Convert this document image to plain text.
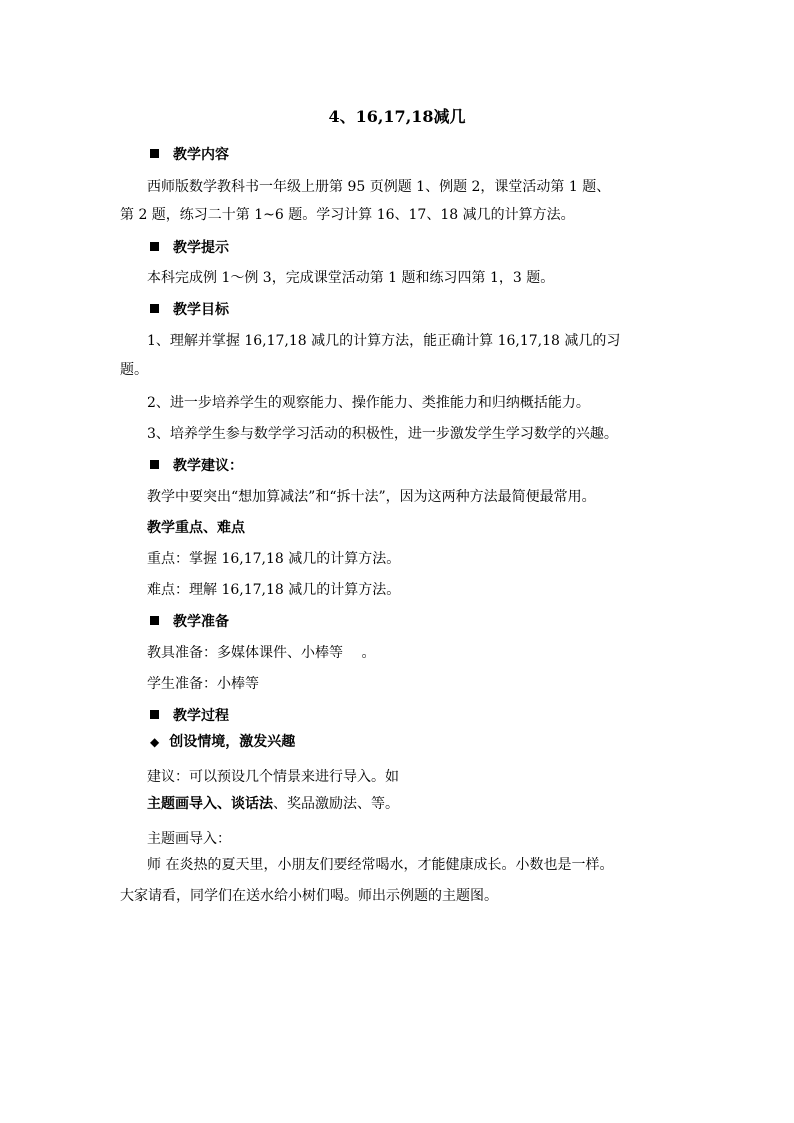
4、16,17,18减几
教学内容
西师版数学教科书一年级上册第 95 页例题 1、例题 2，课堂活动第 1 题、
第 2 题，练习二十第 1~6 题。学习计算 16、17、18 减几的计算方法。
教学提示
本科完成例 1～例 3，完成课堂活动第 1 题和练习四第 1，3 题。
教学目标
1、理解并掌握 16,17,18 减几的计算方法，能正确计算 16,17,18 减几的习
题。
2、进一步培养学生的观察能力、操作能力、类推能力和归纳概括能力。
3、培养学生参与数学学习活动的积极性，进一步激发学生学习数学的兴趣。
教学建议：
教学中要突出“想加算减法”和“拆十法”，因为这两种方法最简便最常用。
教学重点、难点
重点：掌握 16,17,18 减几的计算方法。
难点：理解 16,17,18 减几的计算方法。
教学准备
教具准备：多媒体课件、小棒等　 。
学生准备：小棒等
教学过程
◆ 创设情境，激发兴趣
建议：可以预设几个情景来进行导入。如
主题画导入、谈话法、奖品激励法、等。
主题画导入：
师 在炎热的夏天里，小朋友们要经常喝水，才能健康成长。小数也是一样。
大家请看，同学们在送水给小树们喝。师出示例题的主题图。
